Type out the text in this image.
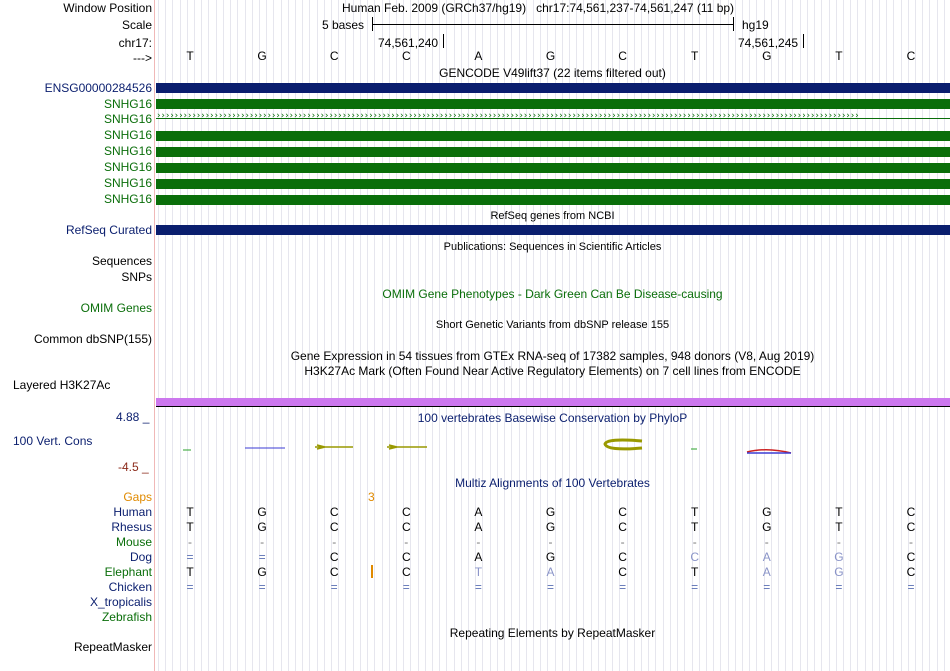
Window Position	Human Feb. 2009 (GRCh37/hg19)   chr17:74,561,237-74,561,247 (11 bp)
Scale	5 bases	hg19
chr17:	74,561,240	74,561,245
--->	T	G	C	C	A	G	C	T	G	T	C
GENCODE V49lift37 (22 items filtered out)
ENSG00000284526
SNHG16
SNHG16 ›››››››››››››››››››››››››››››››››››››››››››››››››››››››››››››››››››››››››››››››››››››››››››››››››››››››››››››››››››››››››››››››››››››››››››››››››››››››››››››››
SNHG16
SNHG16
SNHG16
SNHG16
SNHG16
RefSeq genes from NCBI
RefSeq Curated
Publications: Sequences in Scientific Articles
Sequences
SNPs
OMIM Gene Phenotypes - Dark Green Can Be Disease-causing
OMIM Genes
Short Genetic Variants from dbSNP release 155
Common dbSNP(155)
Gene Expression in 54 tissues from GTEx RNA-seq of 17382 samples, 948 donors (V8, Aug 2019)
H3K27Ac Mark (Often Found Near Active Regulatory Elements) on 7 cell lines from ENCODE
Layered H3K27Ac
4.88 _	100 vertebrates Basewise Conservation by PhyloP
100 Vert. Cons
-4.5 _
Multiz Alignments of 100 Vertebrates
Gaps	3
Human	T	G	C	C	A	G	C	T	G	T	C
Rhesus	T	G	C	C	A	G	C	T	G	T	C
Mouse	-	-	-	-	-	-	-	-	-	-	-
Dog	=	=	C	C	A	G	C	C	A	G	C
Elephant	T	G	C	C	T	A	C	T	A	G	C
Chicken	=	=	=	=	=	=	=	=	=	=	=
X_tropicalis
Zebrafish
Repeating Elements by RepeatMasker
RepeatMasker
